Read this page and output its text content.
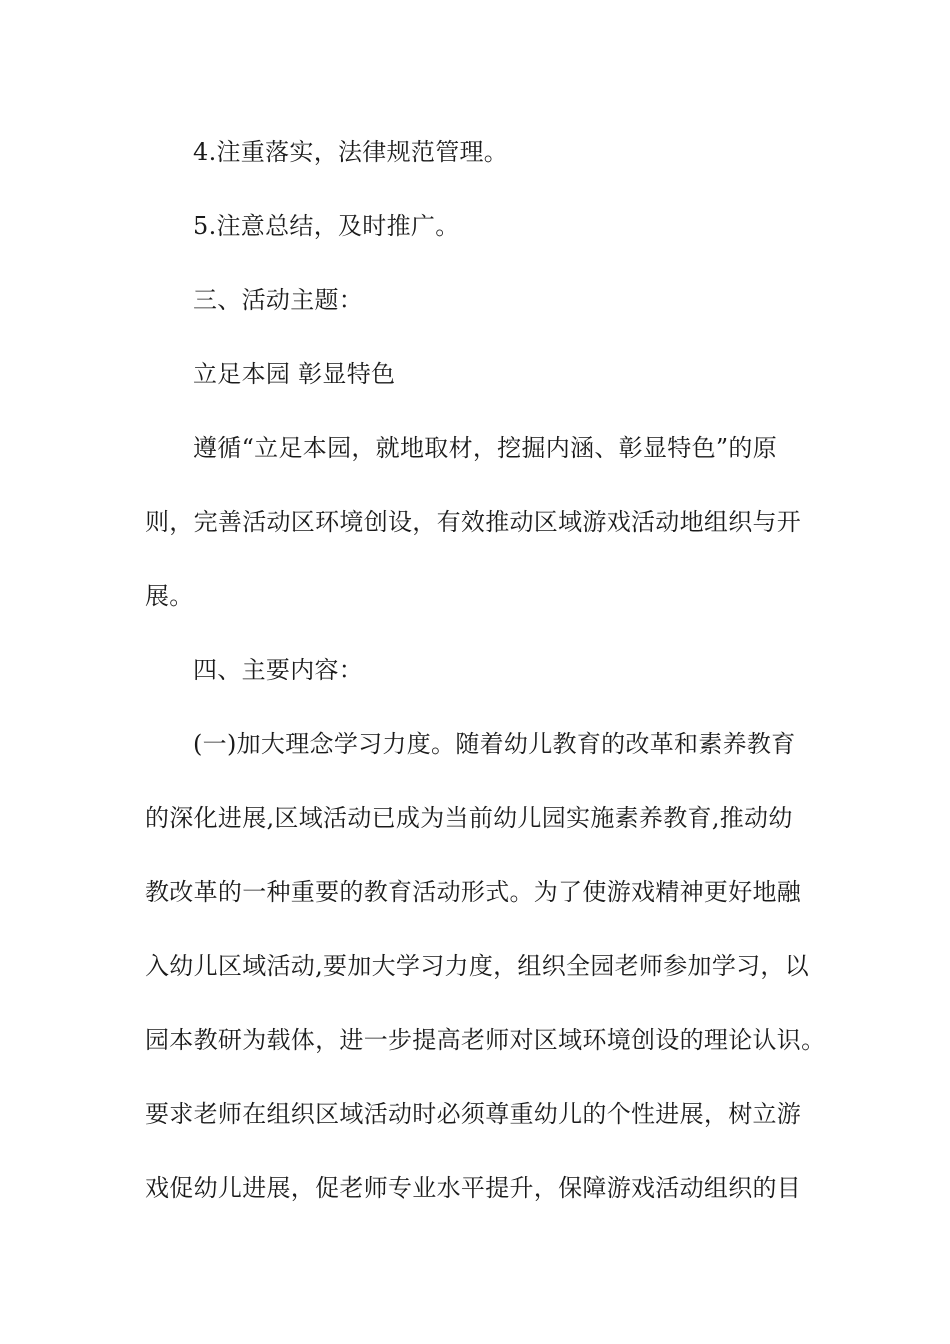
4.注重落实，法律规范管理。
5.注意总结，及时推广。
三、活动主题：
立足本园 彰显特色
遵循“立足本园，就地取材，挖掘内涵、彰显特色”的原
则，完善活动区环境创设，有效推动区域游戏活动地组织与开
展。
四、主要内容：
(一)加大理念学习力度。随着幼儿教育的改革和素养教育
的深化进展,区域活动已成为当前幼儿园实施素养教育,推动幼
教改革的一种重要的教育活动形式。为了使游戏精神更好地融
入幼儿区域活动,要加大学习力度，组织全园老师参加学习，以
园本教研为载体，进一步提高老师对区域环境创设的理论认识。
要求老师在组织区域活动时必须尊重幼儿的个性进展，树立游
戏促幼儿进展，促老师专业水平提升，保障游戏活动组织的目
